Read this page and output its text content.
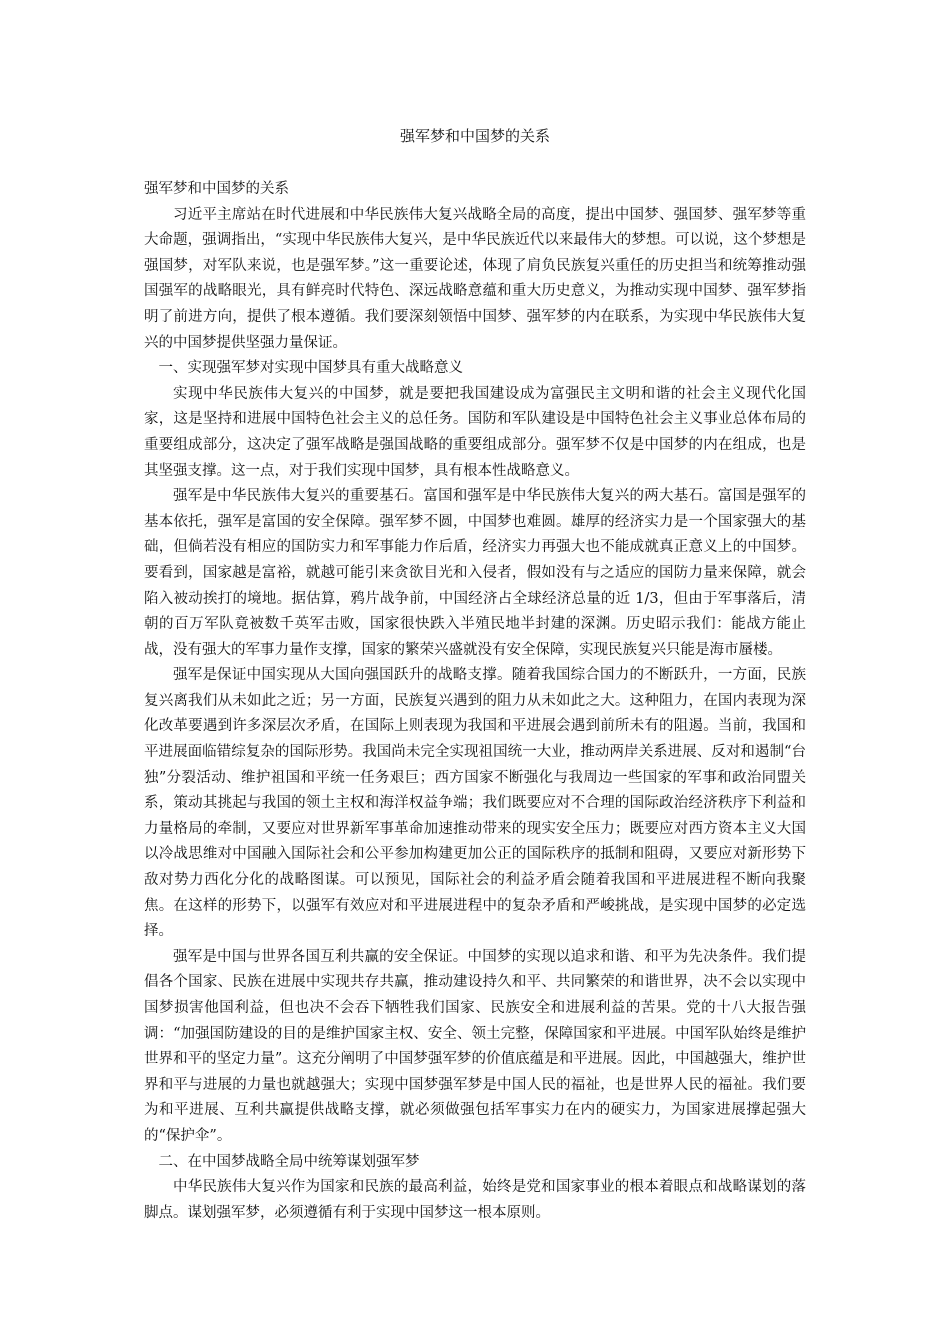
强军梦和中国梦的关系

强军梦和中国梦的关系

习近平主席站在时代进展和中华民族伟大复兴战略全局的高度，提出中国梦、强国梦、强军梦等重大命题，强调指出，“实现中华民族伟大复兴，是中华民族近代以来最伟大的梦想。可以说，这个梦想是强国梦，对军队来说，也是强军梦。”这一重要论述，体现了肩负民族复兴重任的历史担当和统筹推动强国强军的战略眼光，具有鲜亮时代特色、深远战略意蕴和重大历史意义，为推动实现中国梦、强军梦指明了前进方向，提供了根本遵循。我们要深刻领悟中国梦、强军梦的内在联系，为实现中华民族伟大复兴的中国梦提供坚强力量保证。

一、实现强军梦对实现中国梦具有重大战略意义

实现中华民族伟大复兴的中国梦，就是要把我国建设成为富强民主文明和谐的社会主义现代化国家，这是坚持和进展中国特色社会主义的总任务。国防和军队建设是中国特色社会主义事业总体布局的重要组成部分，这决定了强军战略是强国战略的重要组成部分。强军梦不仅是中国梦的内在组成，也是其坚强支撑。这一点，对于我们实现中国梦，具有根本性战略意义。

强军是中华民族伟大复兴的重要基石。富国和强军是中华民族伟大复兴的两大基石。富国是强军的基本依托，强军是富国的安全保障。强军梦不圆，中国梦也难圆。雄厚的经济实力是一个国家强大的基础，但倘若没有相应的国防实力和军事能力作后盾，经济实力再强大也不能成就真正意义上的中国梦。要看到，国家越是富裕，就越可能引来贪欲目光和入侵者，假如没有与之适应的国防力量来保障，就会陷入被动挨打的境地。据估算，鸦片战争前，中国经济占全球经济总量的近 1/3，但由于军事落后，清朝的百万军队竟被数千英军击败，国家很快跌入半殖民地半封建的深渊。历史昭示我们：能战方能止战，没有强大的军事力量作支撑，国家的繁荣兴盛就没有安全保障，实现民族复兴只能是海市蜃楼。

强军是保证中国实现从大国向强国跃升的战略支撑。随着我国综合国力的不断跃升，一方面，民族复兴离我们从未如此之近；另一方面，民族复兴遇到的阻力从未如此之大。这种阻力，在国内表现为深化改革要遇到许多深层次矛盾，在国际上则表现为我国和平进展会遇到前所未有的阻遏。当前，我国和平进展面临错综复杂的国际形势。我国尚未完全实现祖国统一大业，推动两岸关系进展、反对和遏制“台独”分裂活动、维护祖国和平统一任务艰巨；西方国家不断强化与我周边一些国家的军事和政治同盟关系，策动其挑起与我国的领土主权和海洋权益争端；我们既要应对不合理的国际政治经济秩序下利益和力量格局的牵制，又要应对世界新军事革命加速推动带来的现实安全压力；既要应对西方资本主义大国以冷战思维对中国融入国际社会和公平参加构建更加公正的国际秩序的抵制和阻碍，又要应对新形势下敌对势力西化分化的战略图谋。可以预见，国际社会的利益矛盾会随着我国和平进展进程不断向我聚焦。在这样的形势下，以强军有效应对和平进展进程中的复杂矛盾和严峻挑战，是实现中国梦的必定选择。

强军是中国与世界各国互利共赢的安全保证。中国梦的实现以追求和谐、和平为先决条件。我们提倡各个国家、民族在进展中实现共存共赢，推动建设持久和平、共同繁荣的和谐世界，决不会以实现中国梦损害他国利益，但也决不会吞下牺牲我们国家、民族安全和进展利益的苦果。党的十八大报告强调：“加强国防建设的目的是维护国家主权、安全、领土完整，保障国家和平进展。中国军队始终是维护世界和平的坚定力量”。这充分阐明了中国梦强军梦的价值底蕴是和平进展。因此，中国越强大，维护世界和平与进展的力量也就越强大；实现中国梦强军梦是中国人民的福祉，也是世界人民的福祉。我们要为和平进展、互利共赢提供战略支撑，就必须做强包括军事实力在内的硬实力，为国家进展撑起强大的“保护伞”。

二、在中国梦战略全局中统筹谋划强军梦

中华民族伟大复兴作为国家和民族的最高利益，始终是党和国家事业的根本着眼点和战略谋划的落脚点。谋划强军梦，必须遵循有利于实现中国梦这一根本原则。
